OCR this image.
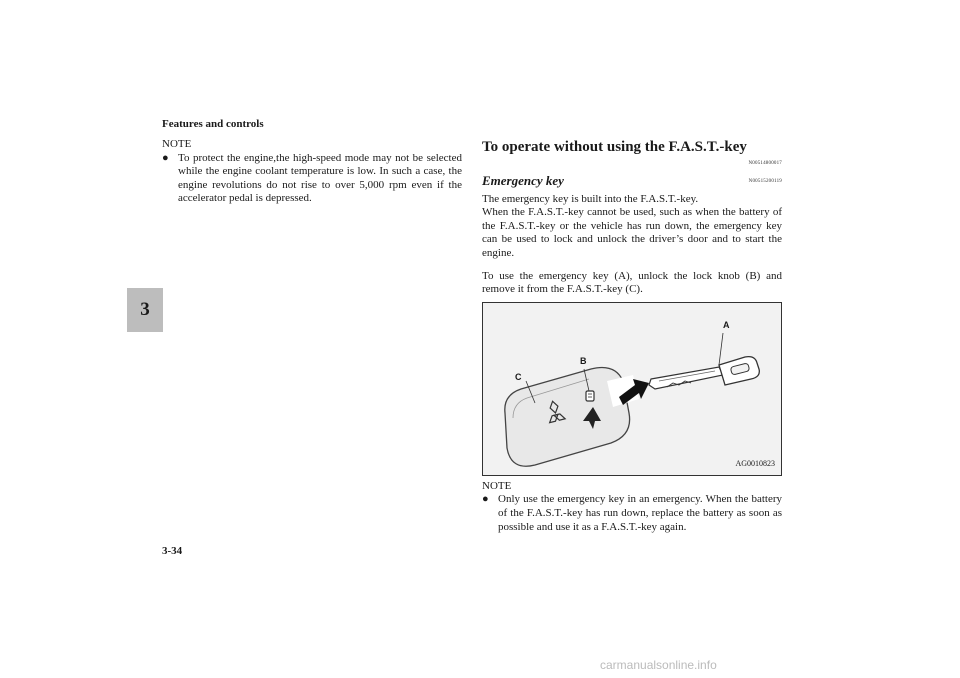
Features and controls
3
3-34

NOTE

● To protect the engine,the high-speed mode may not be selected while the engine coolant temperature is low. In such a case, the engine revolutions do not rise to over 5,000 rpm even if the accelerator pedal is depressed.

To operate without using the F.A.S.T.-key

N00514800017

Emergency key	N00515200119

The emergency key is built into the F.A.S.T.-key.

When the F.A.S.T.-key cannot be used, such as when the battery of the F.A.S.T.-key or the vehicle has run down, the emergency key can be used to lock and unlock the driver’s door and to start the engine.

To use the emergency key (A), unlock the lock knob (B) and remove it from the F.A.S.T.-key (C).

A
B
C
AG0010823

NOTE

● Only use the emergency key in an emergency. When the battery of the F.A.S.T.-key has run down, replace the battery as soon as possible and use it as a F.A.S.T.-key again.
carmanualsonline.info
